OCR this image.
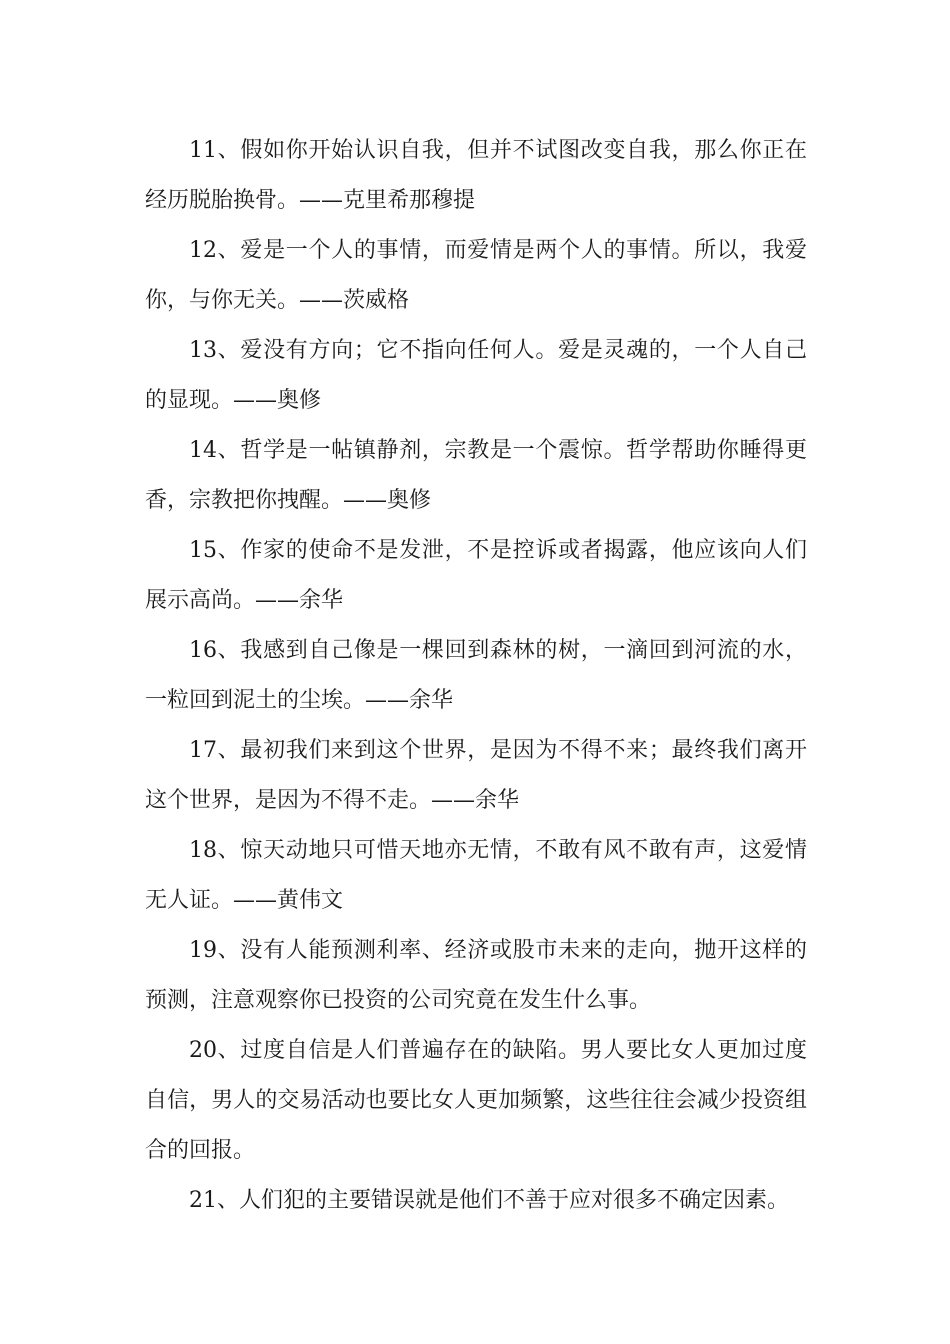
11、假如你开始认识自我，但并不试图改变自我，那么你正在经历脱胎换骨。——克里希那穆提

12、爱是一个人的事情，而爱情是两个人的事情。所以，我爱你，与你无关。——茨威格

13、爱没有方向；它不指向任何人。爱是灵魂的，一个人自己的显现。——奥修

14、哲学是一帖镇静剂，宗教是一个震惊。哲学帮助你睡得更香，宗教把你拽醒。——奥修

15、作家的使命不是发泄，不是控诉或者揭露，他应该向人们展示高尚。——余华

16、我感到自己像是一棵回到森林的树，一滴回到河流的水，一粒回到泥土的尘埃。——余华

17、最初我们来到这个世界，是因为不得不来；最终我们离开这个世界，是因为不得不走。——余华

18、惊天动地只可惜天地亦无情，不敢有风不敢有声，这爱情无人证。——黄伟文

19、没有人能预测利率、经济或股市未来的走向，抛开这样的预测，注意观察你已投资的公司究竟在发生什么事。

20、过度自信是人们普遍存在的缺陷。男人要比女人更加过度自信，男人的交易活动也要比女人更加频繁，这些往往会减少投资组合的回报。

21、人们犯的主要错误就是他们不善于应对很多不确定因素。
